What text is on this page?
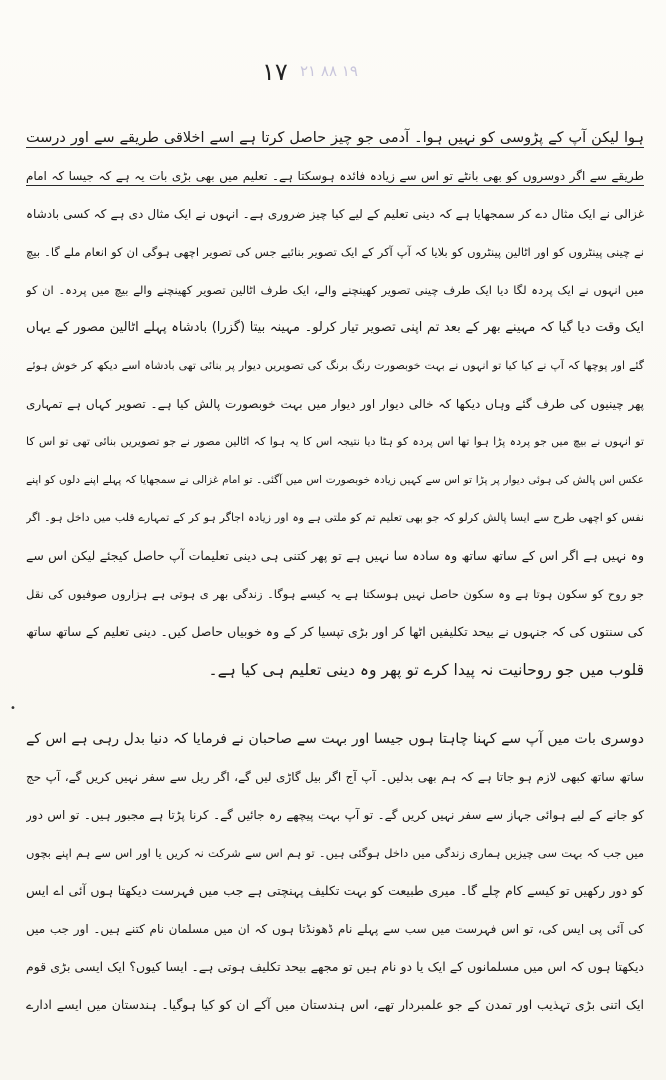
۲۱ ۸۸ ۱۹
۱۷
•
ہوا لیکن آپ کے پڑوسی کو نہیں ہوا۔ آدمی جو چیز حاصل کرتا ہے اسے اخلاقی طریقے سے اور درست
طریقے سے اگر دوسروں کو بھی بانٹے تو اس سے زیادہ فائدہ ہوسکتا ہے۔ تعلیم میں بھی بڑی بات یہ ہے کہ جیسا کہ امام
غزالی نے ایک مثال دے کر سمجھایا ہے کہ دینی تعلیم کے لیے کیا چیز ضروری ہے۔ انہوں نے ایک مثال دی ہے کہ کسی بادشاہ
نے چینی پینٹروں کو اور اٹالین پینٹروں کو بلایا کہ آپ آکر کے ایک تصویر بنائیے جس کی تصویر اچھی ہوگی ان کو انعام ملے گا۔ بیچ
میں انہوں نے ایک پردہ لگا دیا ایک طرف چینی تصویر کھینچنے والے، ایک طرف اٹالین تصویر کھینچنے والے بیچ میں پردہ۔ ان کو
ایک وقت دیا گیا کہ مہینے بھر کے بعد تم اپنی تصویر تیار کرلو۔ مہینہ بیتا (گزرا) بادشاہ پہلے اٹالین مصور کے یہاں
گئے اور پوچھا کہ آپ نے کیا کیا تو انہوں نے بہت خوبصورت رنگ برنگ کی تصویریں دیوار پر بنائی تھی بادشاہ اسے دیکھ کر خوش ہوئے
پھر چینیوں کی طرف گئے وہاں دیکھا کہ خالی دیوار اور دیوار میں بہت خوبصورت پالش کیا ہے۔ تصویر کہاں ہے تمہاری
تو انہوں نے بیچ میں جو پردہ پڑا ہوا تھا اس پردہ کو ہٹا دیا نتیجہ اس کا یہ ہوا کہ اٹالین مصور نے جو تصویریں بنائی تھی تو اس کا
عکس اس پالش کی ہوئی دیوار پر پڑا تو اس سے کہیں زیادہ خوبصورت اس میں آگئی۔ تو امام غزالی نے سمجھایا کہ پہلے اپنے دلوں کو اپنے
نفس کو اچھی طرح سے ایسا پالش کرلو کہ جو بھی تعلیم تم کو ملتی ہے وہ اور زیادہ اجاگر ہو کر کے تمہارے قلب میں داخل ہو۔ اگر
وہ نہیں ہے اگر اس کے ساتھ ساتھ وہ سادہ سا نہیں ہے تو پھر کتنی ہی دینی تعلیمات آپ حاصل کیجئے لیکن اس سے
جو روح کو سکون ہوتا ہے وہ سکون حاصل نہیں ہوسکتا ہے یہ کیسے ہوگا۔ زندگی بھر ی ہوتی ہے ہزاروں صوفیوں کی نقل
کی سنتوں کی کہ جنہوں نے بیحد تکلیفیں اٹھا کر اور بڑی تپسیا کر کے وہ خوبیاں حاصل کیں۔ دینی تعلیم کے ساتھ ساتھ
قلوب میں جو روحانیت نہ پیدا کرے تو پھر وہ دینی تعلیم ہی کیا ہے۔
دوسری بات میں آپ سے کہنا چاہتا ہوں جیسا اور بہت سے صاحبان نے فرمایا کہ دنیا بدل رہی ہے اس کے
ساتھ ساتھ کبھی لازم ہو جاتا ہے کہ ہم بھی بدلیں۔ آپ آج اگر بیل گاڑی لیں گے، اگر ریل سے سفر نہیں کریں گے، آپ حج
کو جانے کے لیے ہوائی جہاز سے سفر نہیں کریں گے۔ تو آپ بہت پیچھے رہ جائیں گے۔ کرنا پڑتا ہے مجبور ہیں۔ تو اس دور
میں جب کہ بہت سی چیزیں ہماری زندگی میں داخل ہوگئی ہیں۔ تو ہم اس سے شرکت نہ کریں یا اور اس سے ہم اپنے بچوں
کو دور رکھیں تو کیسے کام چلے گا۔ میری طبیعت کو بہت تکلیف پہنچتی ہے جب میں فہرست دیکھتا ہوں آئی اے ایس
کی آئی پی ایس کی، تو اس فہرست میں سب سے پہلے نام ڈھونڈتا ہوں کہ ان میں مسلمان نام کتنے ہیں۔ اور جب میں
دیکھتا ہوں کہ اس میں مسلمانوں کے ایک یا دو نام ہیں تو مجھے بیحد تکلیف ہوتی ہے۔ ایسا کیوں؟ ایک ایسی بڑی قوم
ایک اتنی بڑی تہذیب اور تمدن کے جو علمبردار تھے، اس ہندستان میں آکے ان کو کیا ہوگیا۔ ہندستان میں ایسے ادارے
